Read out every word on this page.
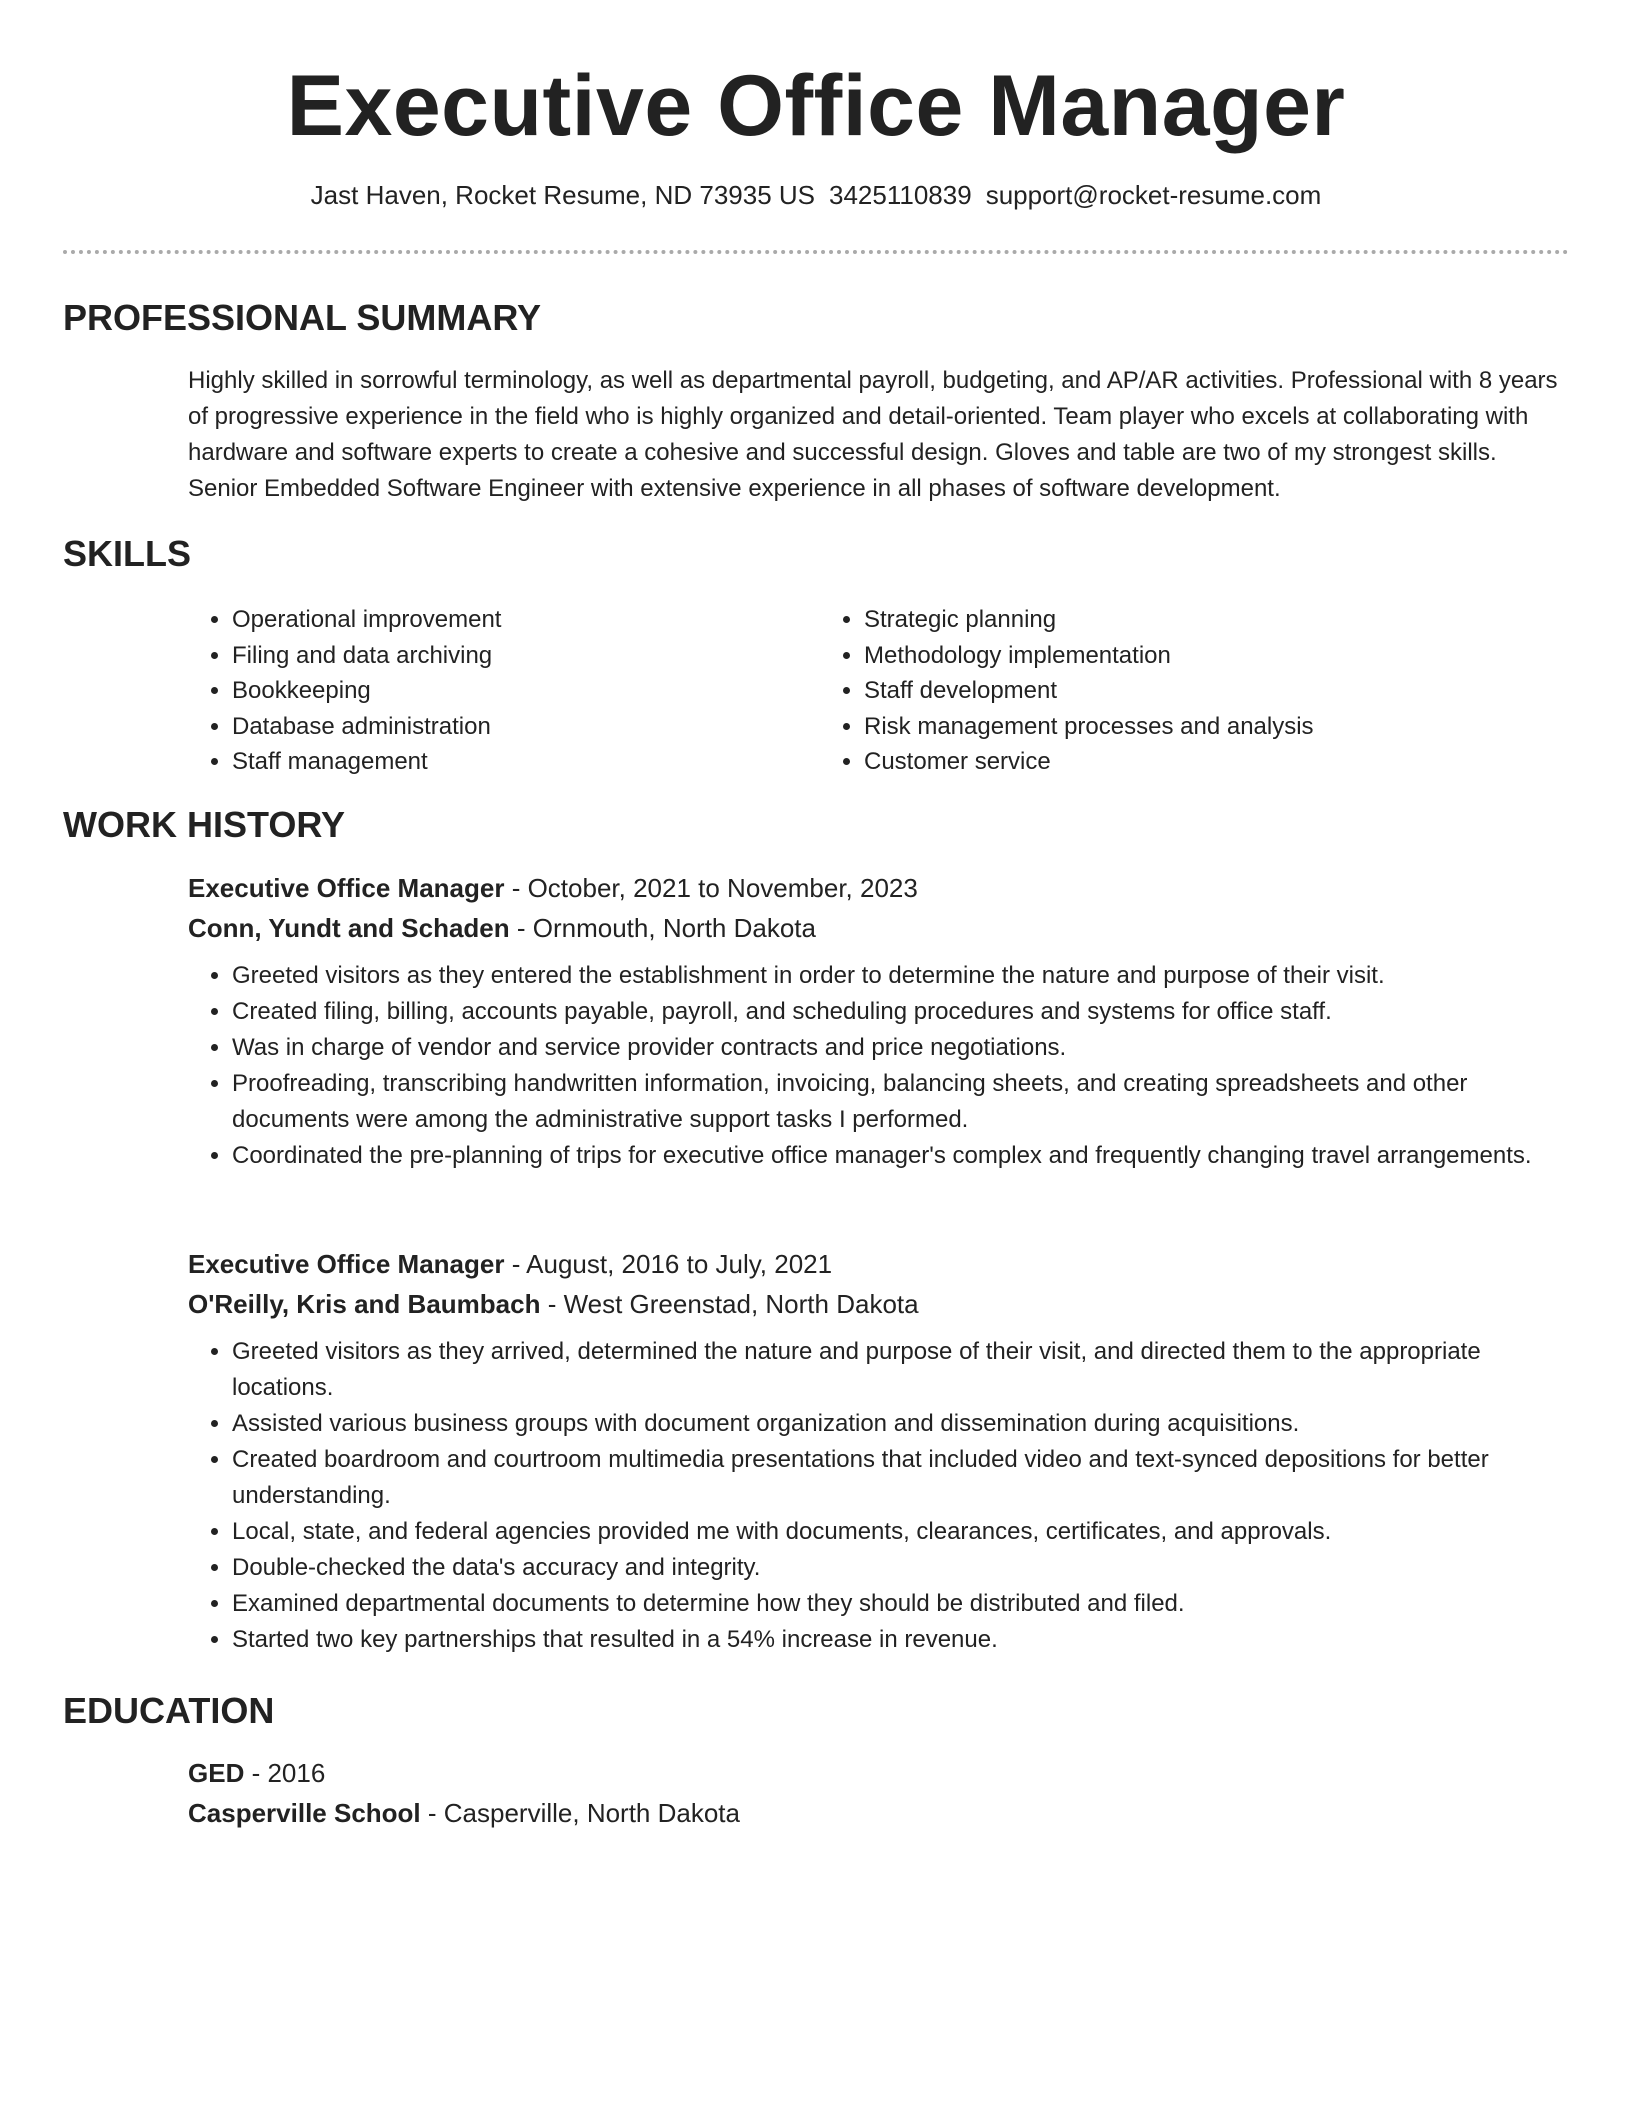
Executive Office Manager
Jast Haven, Rocket Resume, ND 73935 US 3425110839 support@rocket-resume.com
PROFESSIONAL SUMMARY

Highly skilled in sorrowful terminology, as well as departmental payroll, budgeting, and AP/AR activities. Professional with 8 years of progressive experience in the field who is highly organized and detail-oriented. Team player who excels at collaborating with hardware and software experts to create a cohesive and successful design. Gloves and table are two of my strongest skills. Senior Embedded Software Engineer with extensive experience in all phases of software development.

SKILLS
• Operational improvement
• Filing and data archiving
• Bookkeeping
• Database administration
• Staff management
• Strategic planning
• Methodology implementation
• Staff development
• Risk management processes and analysis
• Customer service
WORK HISTORY
Executive Office Manager - October, 2021 to November, 2023
Conn, Yundt and Schaden - Ornmouth, North Dakota
• Greeted visitors as they entered the establishment in order to determine the nature and purpose of their visit.
• Created filing, billing, accounts payable, payroll, and scheduling procedures and systems for office staff.
• Was in charge of vendor and service provider contracts and price negotiations.
• Proofreading, transcribing handwritten information, invoicing, balancing sheets, and creating spreadsheets and other documents were among the administrative support tasks I performed.
• Coordinated the pre-planning of trips for executive office manager's complex and frequently changing travel arrangements.
Executive Office Manager - August, 2016 to July, 2021
O'Reilly, Kris and Baumbach - West Greenstad, North Dakota
• Greeted visitors as they arrived, determined the nature and purpose of their visit, and directed them to the appropriate locations.
• Assisted various business groups with document organization and dissemination during acquisitions.
• Created boardroom and courtroom multimedia presentations that included video and text-synced depositions for better understanding.
• Local, state, and federal agencies provided me with documents, clearances, certificates, and approvals.
• Double-checked the data's accuracy and integrity.
• Examined departmental documents to determine how they should be distributed and filed.
• Started two key partnerships that resulted in a 54% increase in revenue.
EDUCATION
GED - 2016
Casperville School - Casperville, North Dakota
